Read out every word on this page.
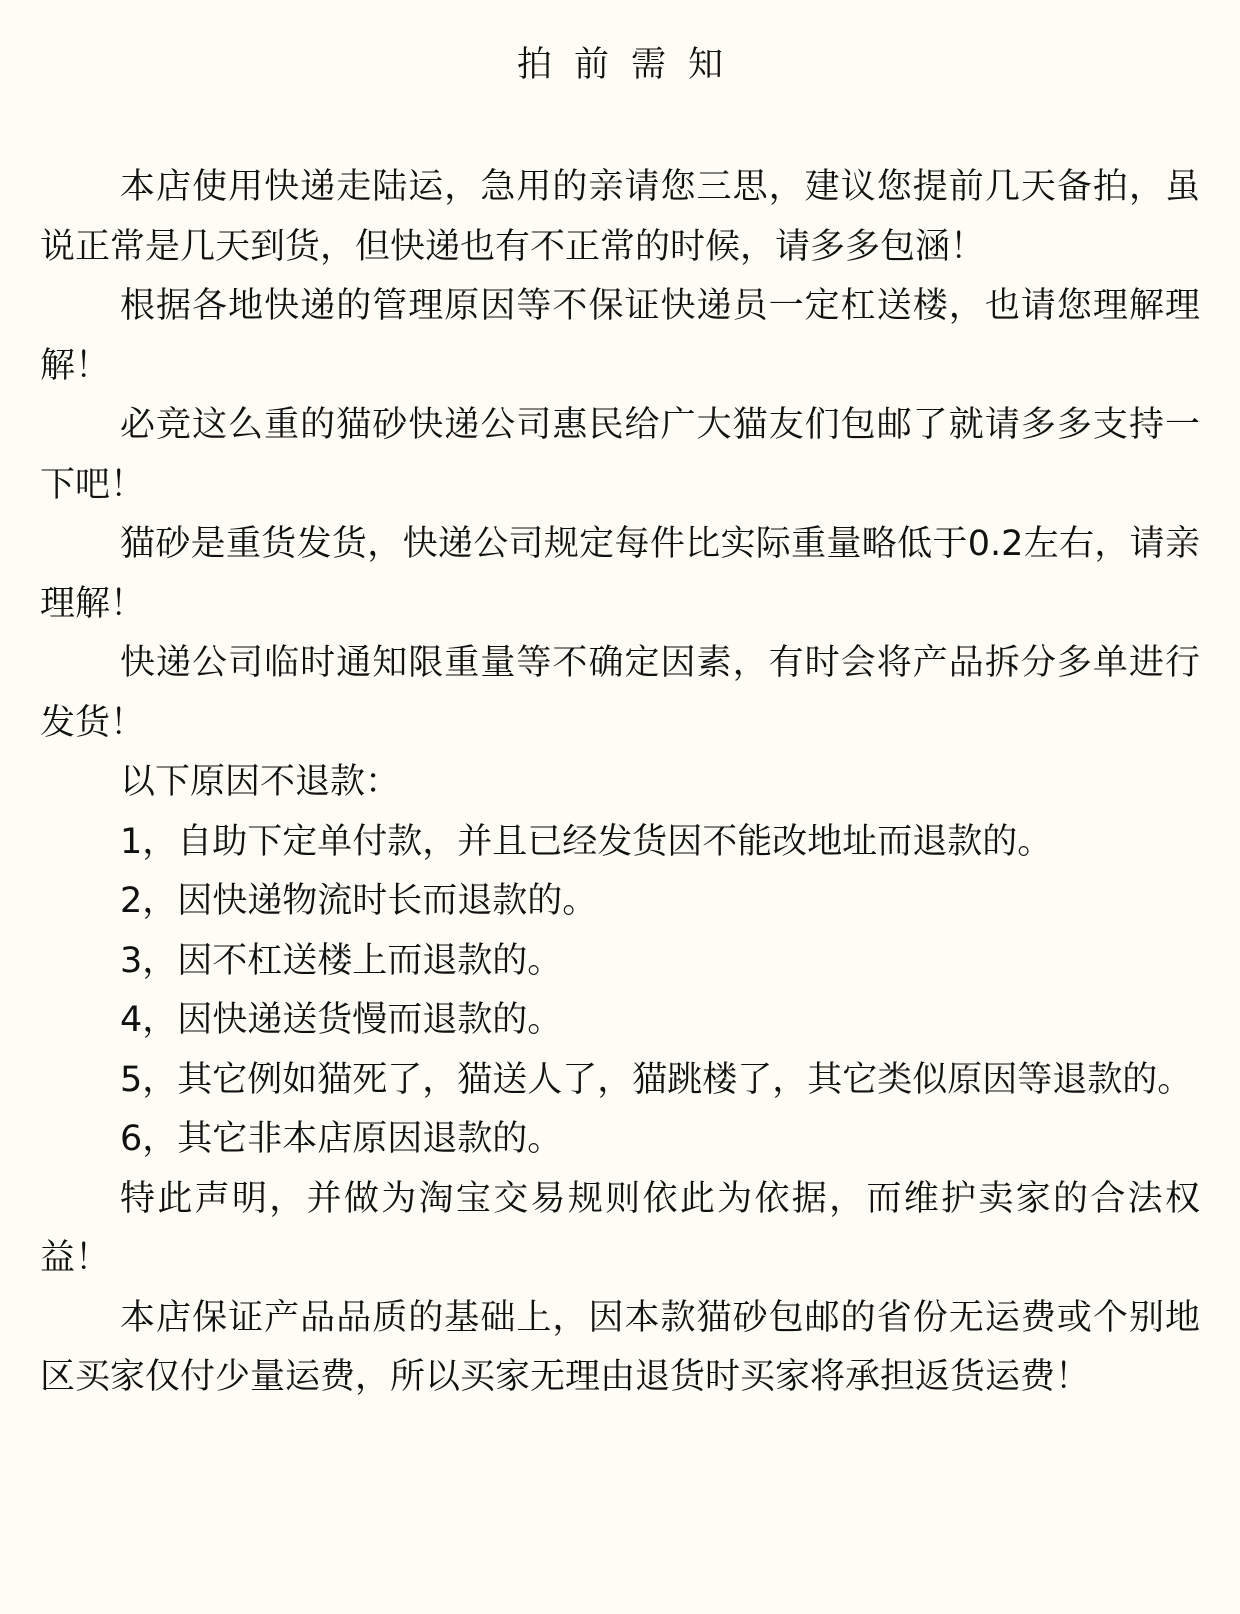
拍前需知

本店使用快递走陆运，急用的亲请您三思，建议您提前几天备拍，虽说正常是几天到货，但快递也有不正常的时候，请多多包涵！

根据各地快递的管理原因等不保证快递员一定杠送楼，也请您理解理解！

必竞这么重的猫砂快递公司惠民给广大猫友们包邮了就请多多支持一下吧！

猫砂是重货发货，快递公司规定每件比实际重量略低于0.2左右，请亲理解！

快递公司临时通知限重量等不确定因素，有时会将产品拆分多单进行发货！

以下原因不退款：

1，自助下定单付款，并且已经发货因不能改地址而退款的。

2，因快递物流时长而退款的。

3，因不杠送楼上而退款的。

4，因快递送货慢而退款的。

5，其它例如猫死了，猫送人了，猫跳楼了，其它类似原因等退款的。

6，其它非本店原因退款的。

特此声明，并做为淘宝交易规则依此为依据，而维护卖家的合法权益！

本店保证产品品质的基础上，因本款猫砂包邮的省份无运费或个别地区买家仅付少量运费，所以买家无理由退货时买家将承担返货运费！
